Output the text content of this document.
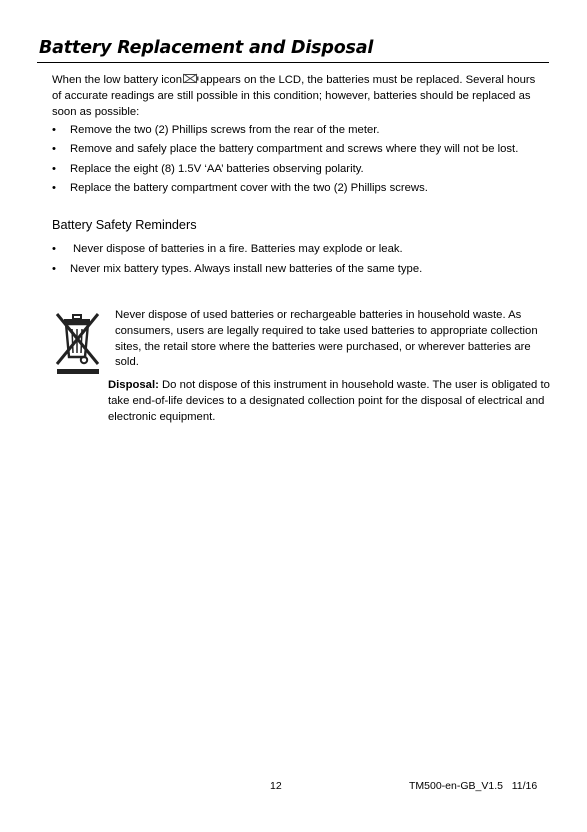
Battery Replacement and Disposal
When the low battery icon appears on the LCD, the batteries must be replaced. Several hours of accurate readings are still possible in this condition; however, batteries should be replaced as soon as possible:
• Remove the two (2) Phillips screws from the rear of the meter.
• Remove and safely place the battery compartment and screws where they will not be lost.
• Replace the eight (8) 1.5V ‘AA’ batteries observing polarity.
• Replace the battery compartment cover with the two (2) Phillips screws.
Battery Safety Reminders
• Never dispose of batteries in a fire. Batteries may explode or leak.
• Never mix battery types. Always install new batteries of the same type.
Never dispose of used batteries or rechargeable batteries in household waste. As consumers, users are legally required to take used batteries to appropriate collection sites, the retail store where the batteries were purchased, or wherever batteries are sold.
Disposal: Do not dispose of this instrument in household waste. The user is obligated to take end-of-life devices to a designated collection point for the disposal of electrical and electronic equipment.
12	TM500-en-GB_V1.5   11/16
